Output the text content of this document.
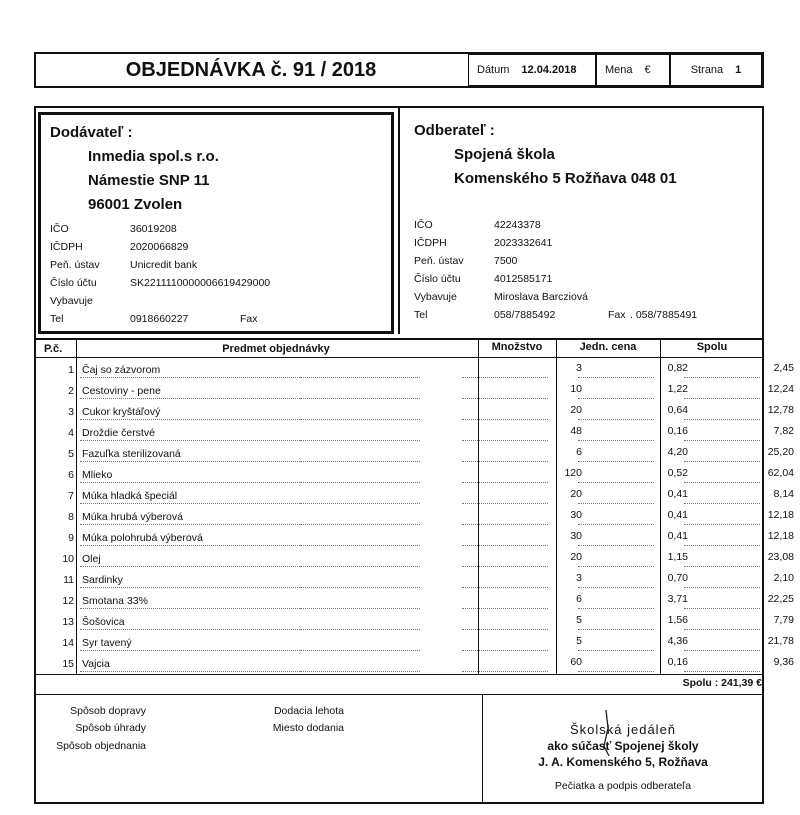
OBJEDNÁVKA č. 91 / 2018	Dátum 12.04.2018	Mena €	Strana 1
Dodávateľ :
Inmedia spol.s r.o.
Námestie SNP 11
96001 Zvolen
IČO	36019208
IČDPH	2020066829
Peň. ústav	Unicredit bank
Číslo účtu	SK2211110000006619429000
Vybavuje
Tel	0918660227	Fax
Odberateľ :
Spojená škola
Komenského 5 Rožňava 048 01
IČO	42243378
IČDPH	2023332641
Peň. ústav	7500
Číslo účtu	4012585171
Vybavuje	Miroslava Barcziová
Tel	058/7885492	Fax . 058/7885491
P.č.	Predmet objednávky	Množstvo	Jedn. cena	Spolu
1 Čaj so zázvorom	3	0,82	2,45
2 Cestoviny - pene	10	1,22	12,24
3 Cukor kryštáľový	20	0,64	12,78
4 Droždie čerstvé	48	0,16	7,82
5 Fazuľka sterilizovaná	6	4,20	25,20
6 Mlieko	120	0,52	62,04
7 Múka hladká špeciál	20	0,41	8,14
8 Múka hrubá výberová	30	0,41	12,18
9 Múka polohrubá výberová	30	0,41	12,18
10 Olej	20	1,15	23,08
11 Sardinky	3	0,70	2,10
12 Smotana 33%	6	3,71	22,25
13 Šošovica	5	1,56	7,79
14 Syr tavený	5	4,36	21,78
15 Vajcia	60	0,16	9,36
Spolu : 241,39 €
Spôsob dopravy
Spôsob úhrady
Spôsob objednania
Dodacia lehota
Miesto dodania	Školská jedáleň
ako súčasť Spojenej školy
J. A. Komenského 5, Rožňava
Pečiatka a podpis odberateľa
